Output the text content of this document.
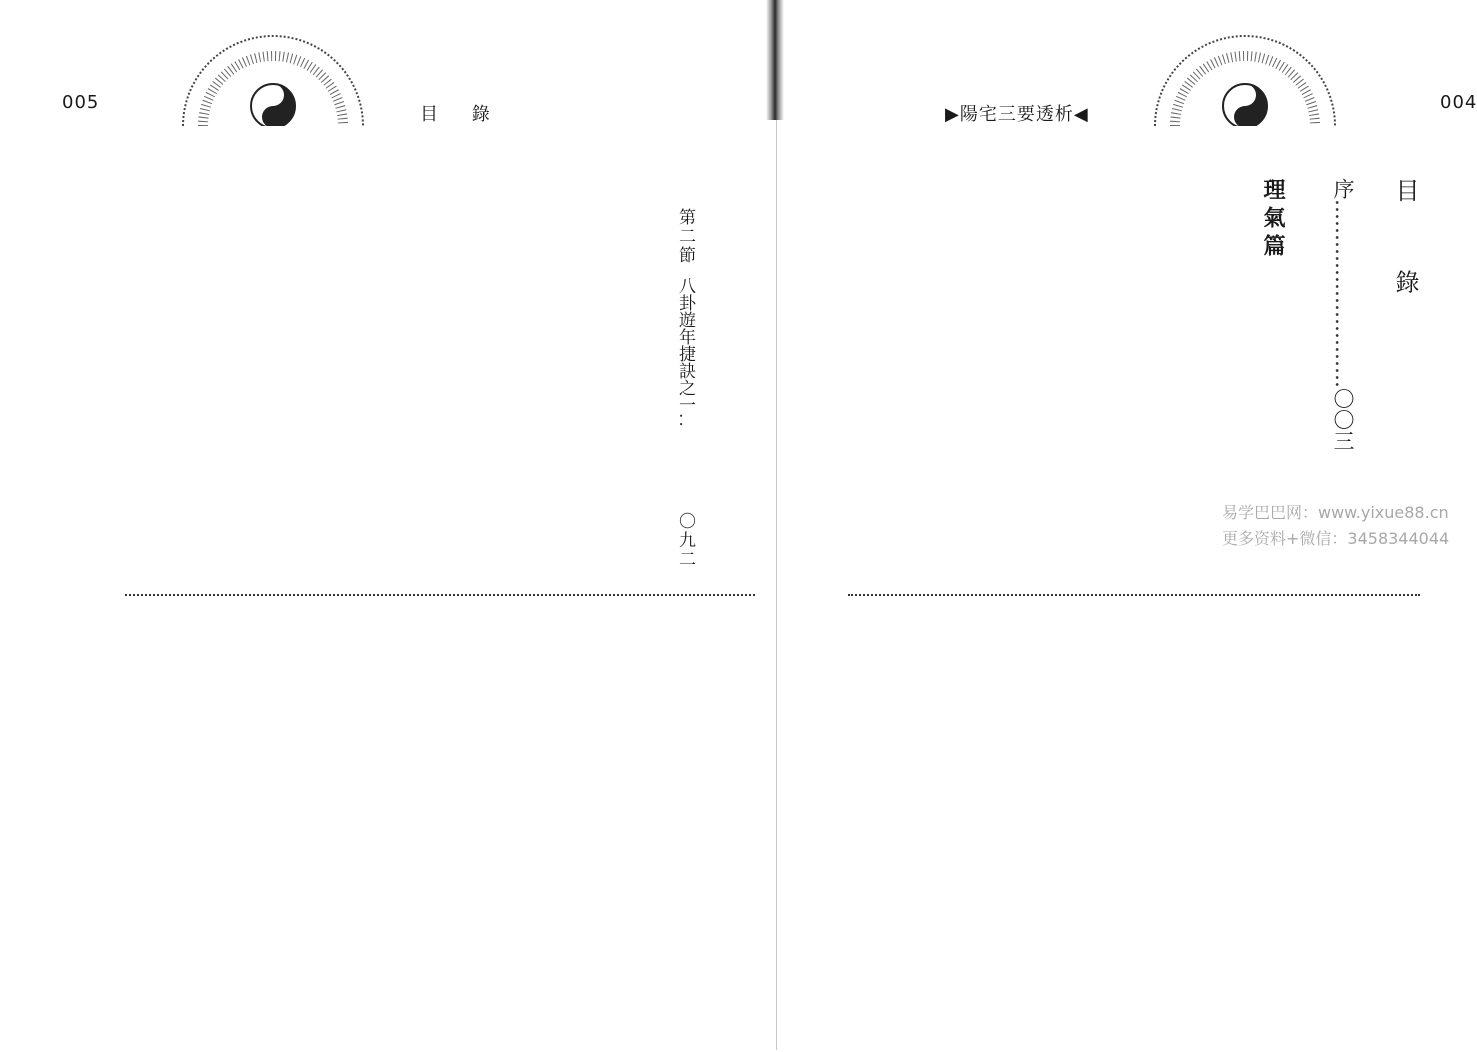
005
目 錄
第二節八卦遊年捷訣之一..
〇九二
▶陽宅三要透析◀
004
目 錄
序………………………〇〇三
理氣篇
易学巴巴网：www.yixue88.cn
更多资料+微信：3458344044
